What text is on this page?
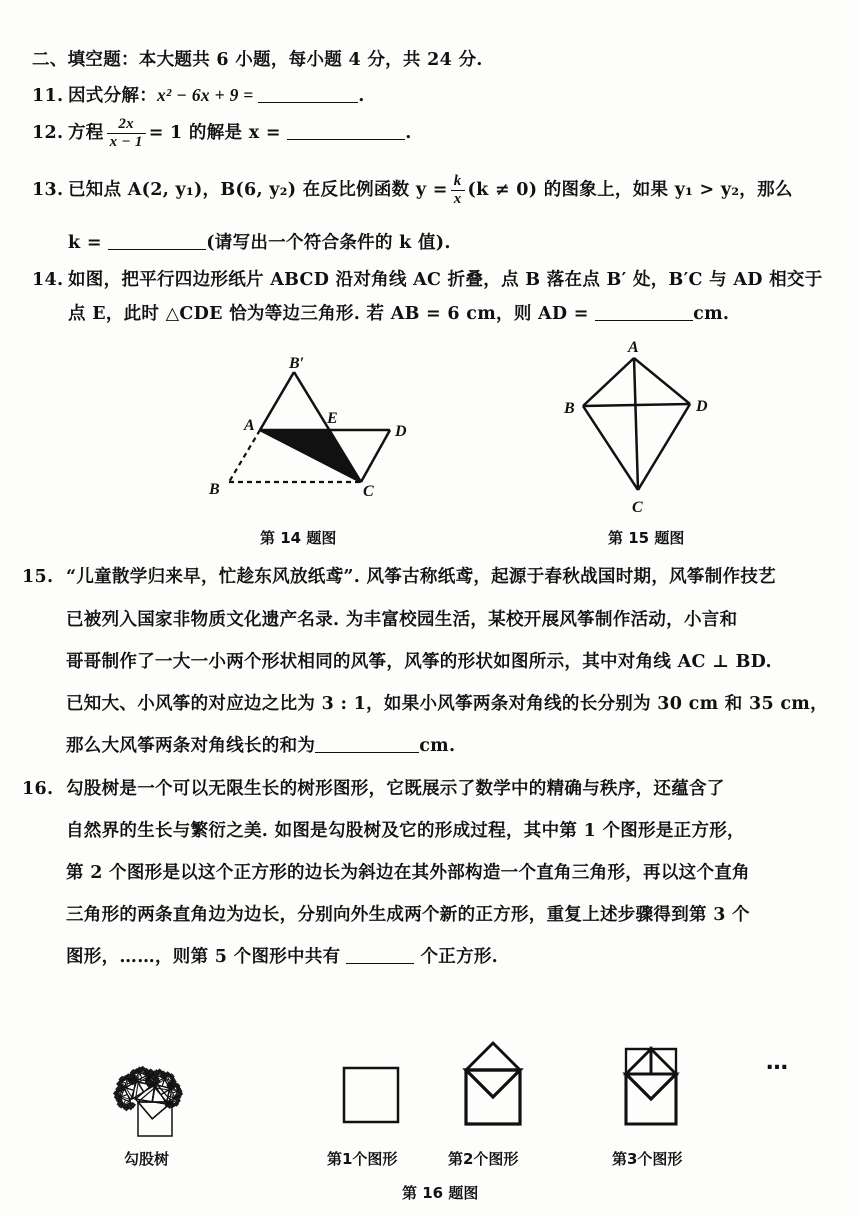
二、填空题：本大题共 6 小题，每小题 4 分，共 24 分.
11. 因式分解：x² − 6x + 9 =	.
12. 方程 $\frac{2x}{x - 1} = 1$ 的解是 x =	.
13. 已知点 A(2, y₁)，B(6, y₂) 在反比例函数 $y = \frac{k}{x} (k \ne 0)$ 的图象上，如果 y₁ > y₂，那么
k =	(请写出一个符合条件的 k 值).
14. 如图，把平行四边形纸片 ABCD 沿对角线 AC 折叠，点 B 落在点 B′ 处，B′C 与 AD 相交于
点 E，此时 △CDE 恰为等边三角形. 若 AB = 6 cm，则 AD =	cm.
B′
A	E
D
B	C
第 14 题图
A
B	D
C
第 15 题图
15. “儿童散学归来早，忙趁东风放纸鸢”. 风筝古称纸鸢，起源于春秋战国时期，风筝制作技艺
已被列入国家非物质文化遗产名录. 为丰富校园生活，某校开展风筝制作活动，小言和
哥哥制作了一大一小两个形状相同的风筝，风筝的形状如图所示，其中对角线 AC ⊥ BD.
已知大、小风筝的对应边之比为 3 : 1，如果小风筝两条对角线的长分别为 30 cm 和 35 cm，
那么大风筝两条对角线长的和为	cm.
16. 勾股树是一个可以无限生长的树形图形，它既展示了数学中的精确与秩序，还蕴含了
自然界的生长与繁衍之美. 如图是勾股树及它的形成过程，其中第 1 个图形是正方形，
第 2 个图形是以这个正方形的边长为斜边在其外部构造一个直角三角形，再以这个直角
三角形的两条直角边为边长，分别向外生成两个新的正方形，重复上述步骤得到第 3 个
图形，……，则第 5 个图形中共有	个正方形.
勾股树	第1个图形	第2个图形	第3个图形
…
第 16 题图
